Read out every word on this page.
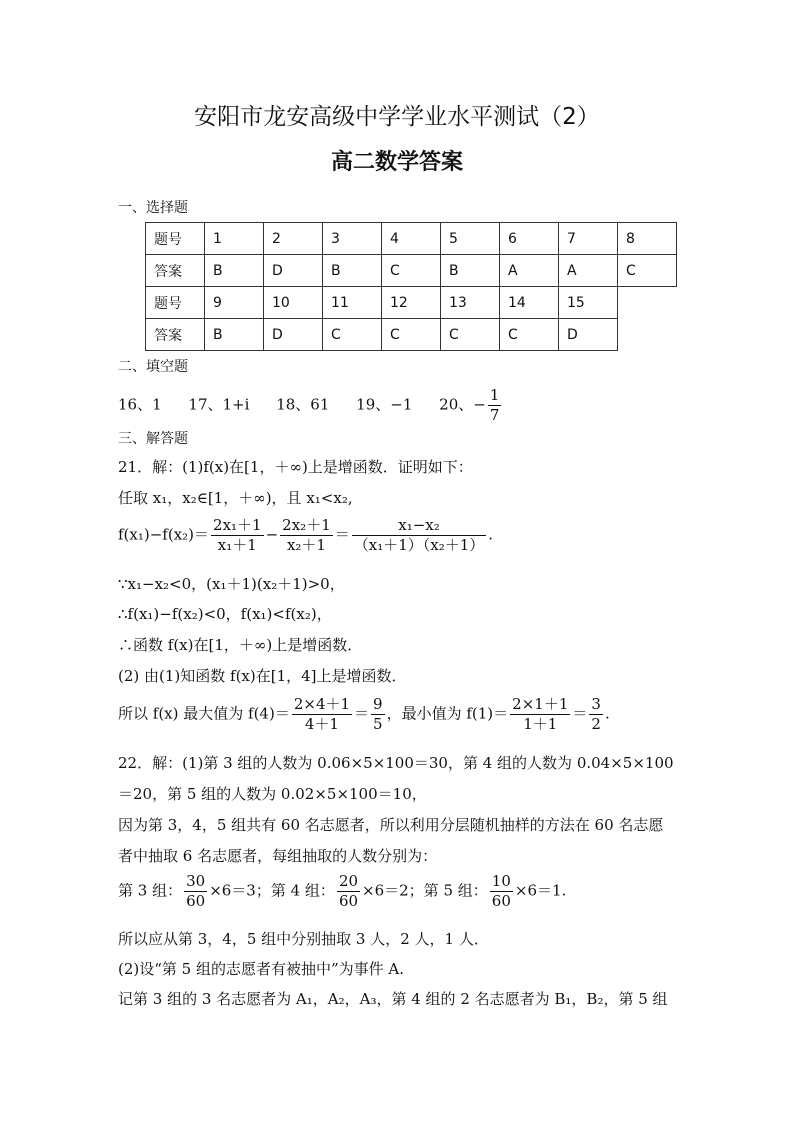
安阳市龙安高级中学学业水平测试（2）
高二数学答案
一、选择题
题号	1	2	3	4	5	6	7	8
答案	B	D	B	C	B	A	A	C
题号	9	10	11	12	13	14	15	
答案	B	D	C	C	C	C	D	
二、填空题
16、1 17、1+i 18、61 19、−1 20、− $\frac{1}{7}$
三、解答题
21．解：(1)f(x)在[1，＋∞)上是增函数．证明如下：
任取 x₁，x₂∈[1，＋∞)，且 x₁<x₂,
$f(x_1)-f(x_2)= \frac{\text{2x₁＋1}}{\text{x₁＋1}} - \frac{\text{2x₂＋1}}{\text{x₂＋1}} = \frac{\text{x₁−x₂}}{\text{（x₁＋1）（x₂＋1）}}$ .
∵x₁−x₂<0，(x₁＋1)(x₂＋1)>0，
∴f(x₁)−f(x₂)<0，f(x₁)<f(x₂)，
∴函数 f(x)在[1，＋∞)上是增函数．
(2) 由(1)知函数 f(x)在[1，4]上是增函数．
所以 f(x) 最大值为 $f(4)= \frac{2\times 4+1}{4+1} = \frac{9}{5}$ ，最小值为 $f(1)= \frac{2\times 1+1}{1+1} = \frac{3}{2}$ .
22．解：(1)第 3 组的人数为 0.06×5×100＝30，第 4 组的人数为 0.04×5×100
＝20，第 5 组的人数为 0.02×5×100＝10，
因为第 3，4，5 组共有 60 名志愿者，所以利用分层随机抽样的方法在 60 名志愿
者中抽取 6 名志愿者，每组抽取的人数分别为：
第 3 组： $\frac{30}{60} \times 6=3$；第 4 组： $\frac{20}{60} \times 6=2$；第 5 组： $\frac{10}{60} \times 6=1$.
所以应从第 3，4，5 组中分别抽取 3 人，2 人，1 人．
(2)设“第 5 组的志愿者有被抽中”为事件 A.
记第 3 组的 3 名志愿者为 A₁，A₂，A₃，第 4 组的 2 名志愿者为 B₁，B₂，第 5 组
